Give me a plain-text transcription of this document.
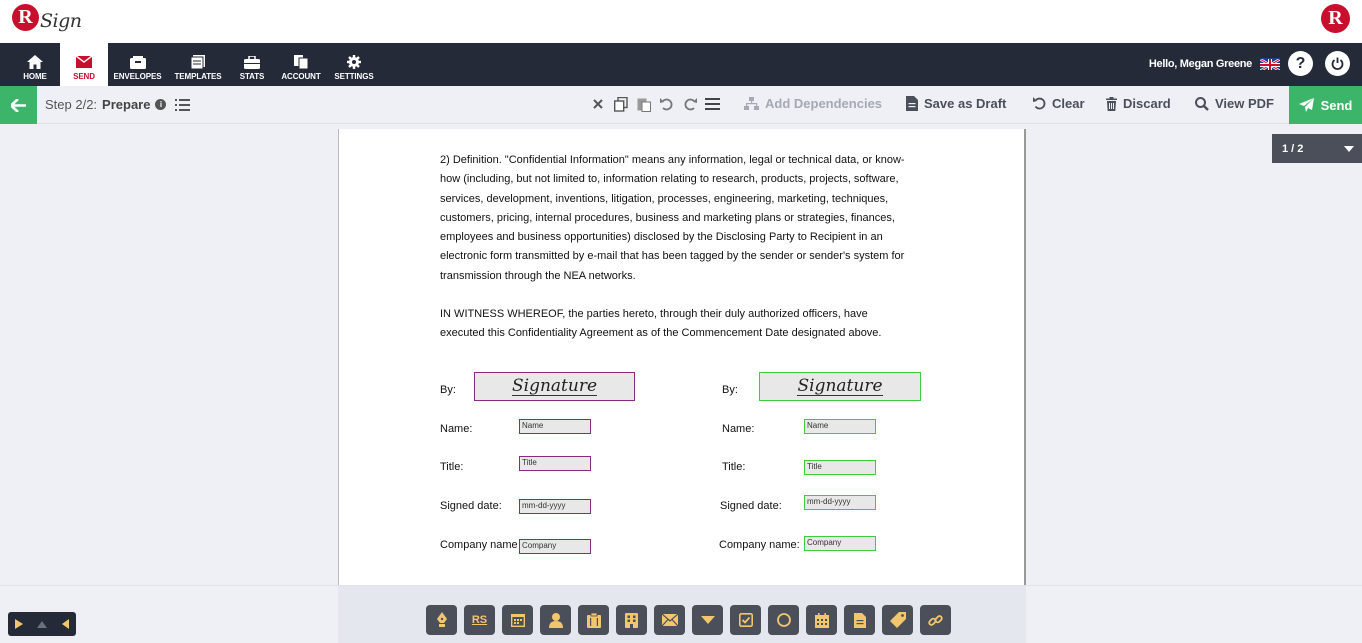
R Sign	R
HOME	SEND ENVELOPES TEMPLATES STATS ACCOUNT SETTINGS
Hello, Megan Greene	?
Step 2/2: Prepare	i	Add Dependencies	Save as Draft	Clear	Discard	View PDF	Send
2) Definition. "Confidential Information" means any information, legal or technical data, or know-
how (including, but not limited to, information relating to research, products, projects, software,
services, development, inventions, litigation, processes, engineering, marketing, techniques,
customers, pricing, internal procedures, business and marketing plans or strategies, finances,
employees and business opportunities) disclosed by the Disclosing Party to Recipient in an
electronic form transmitted by e-mail that has been tagged by the sender or sender's system for
transmission through the NEA networks.
IN WITNESS WHEREOF, the parties hereto, through their duly authorized officers, have
executed this Confidentiality Agreement as of the Commencement Date designated above.
By:	Signature
Name:	Name
Title:	Title
Signed date:	mm-dd-yyyy
Company name Company
By:	Signature
Name:	Name
Title:	Title
Signed date:	mm-dd-yyyy
Company name: Company
1 / 2
RS
